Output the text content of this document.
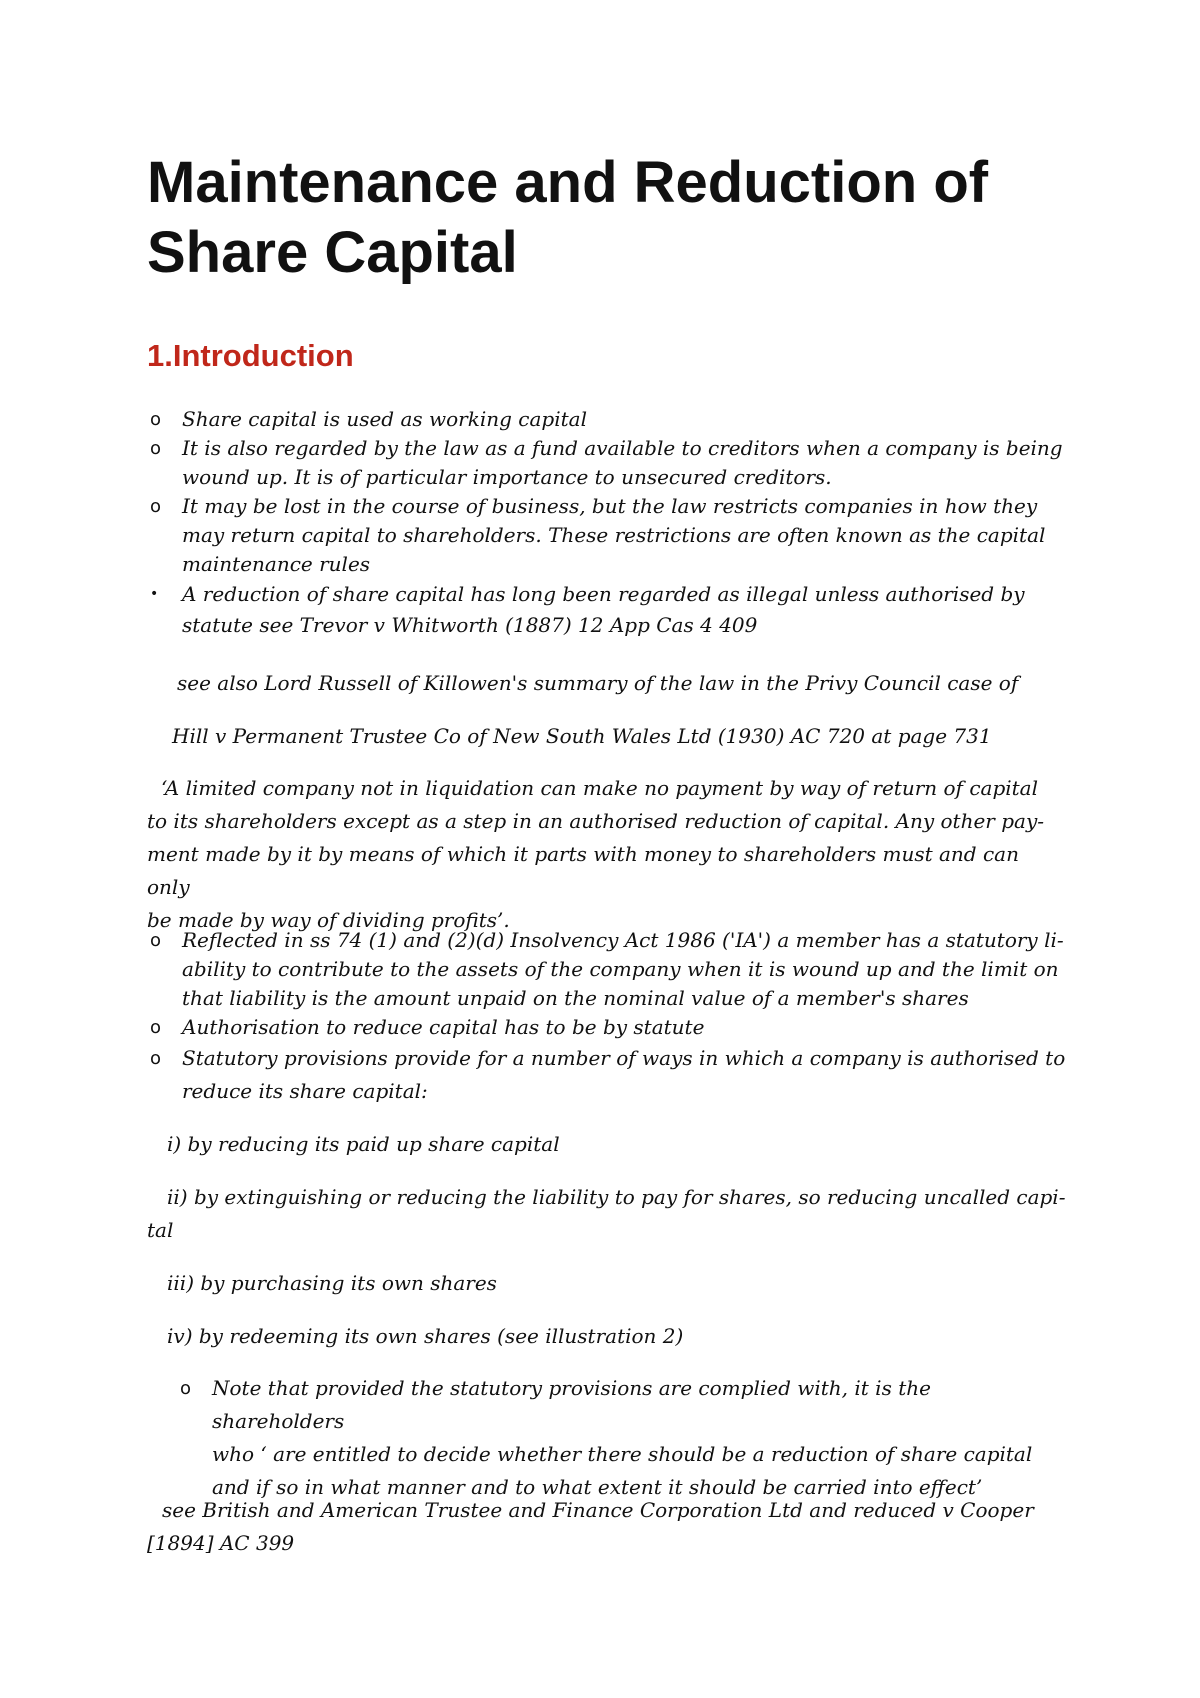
Maintenance and Reduction of
Share Capital
1.Introduction
o	Share capital is used as working capital
o	It is also regarded by the law as a fund available to creditors when a company is being
wound up. It is of particular importance to unsecured creditors.
o	It may be lost in the course of business, but the law restricts companies in how they
may return capital to shareholders. These restrictions are often known as the capital
maintenance rules
•	A reduction of share capital has long been regarded as illegal unless authorised by
statute see Trevor v Whitworth (1887) 12 App Cas 4 409

see also Lord Russell of Killowen's summary of the law in the Privy Council case of

Hill v Permanent Trustee Co of New South Wales Ltd (1930) AC 720 at page 731

‘A limited company not in liquidation can make no payment by way of return of capital
to its shareholders except as a step in an authorised reduction of capital. Any other pay-
ment made by it by means of which it parts with money to shareholders must and can only
be made by way of dividing profits’.
o	Reflected in ss 74 (1) and (2)(d) Insolvency Act 1986 ('IA') a member has a statutory li-
ability to contribute to the assets of the company when it is wound up and the limit on
that liability is the amount unpaid on the nominal value of a member's shares
o	Authorisation to reduce capital has to be by statute
o	Statutory provisions provide for a number of ways in which a company is authorised to
reduce its share capital:

i) by reducing its paid up share capital

ii) by extinguishing or reducing the liability to pay for shares, so reducing uncalled capi-
tal

iii) by purchasing its own shares

iv) by redeeming its own shares (see illustration 2)

o	Note that provided the statutory provisions are complied with, it is the shareholders
who ‘ are entitled to decide whether there should be a reduction of share capital
and if so in what manner and to what extent it should be carried into effect’
see British and American Trustee and Finance Corporation Ltd and reduced v Cooper
[1894] AC 399
